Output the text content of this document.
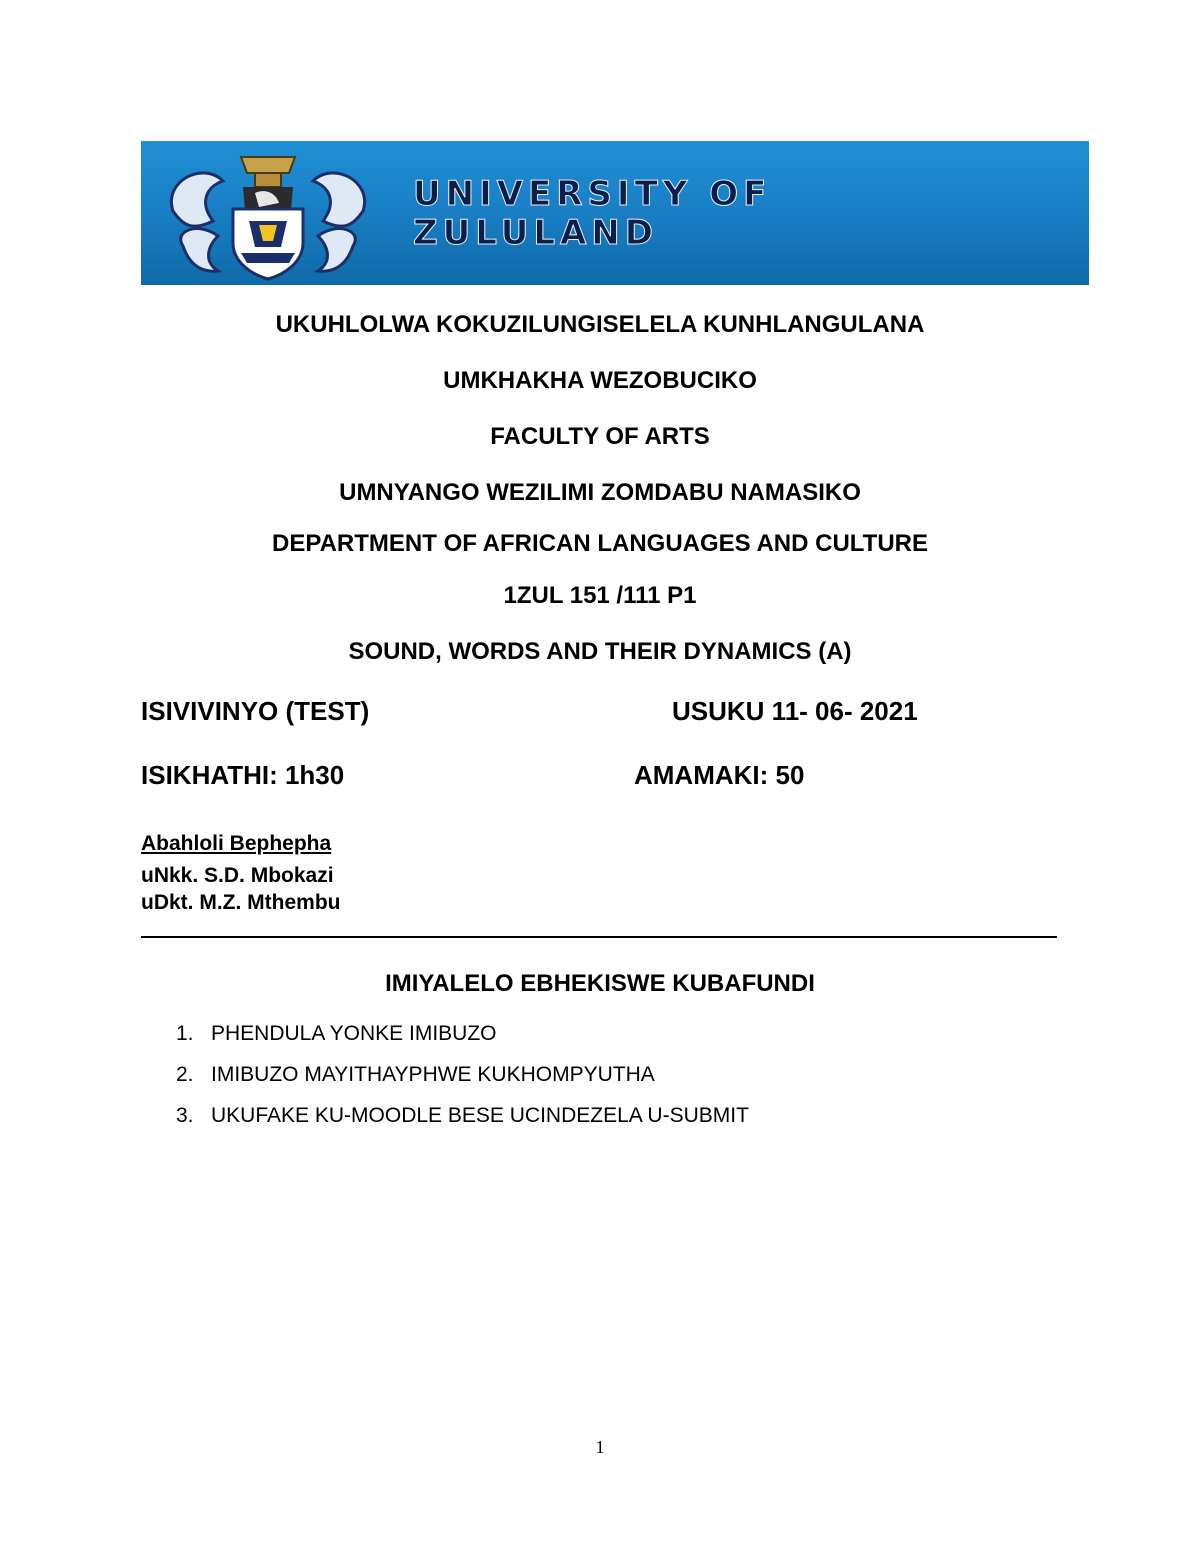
UNIVERSITY OF
ZULULAND
UKUHLOLWA KOKUZILUNGISELELA KUNHLANGULANA
UMKHAKHA WEZOBUCIKO
FACULTY OF ARTS
UMNYANGO WEZILIMI ZOMDABU NAMASIKO
DEPARTMENT OF AFRICAN LANGUAGES AND CULTURE
1ZUL 151 /111 P1
SOUND, WORDS AND THEIR DYNAMICS (A)
ISIVIVINYO (TEST)	USUKU 11- 06- 2021
ISIKHATHI: 1h30	AMAMAKI: 50
Abahloli Bephepha
uNkk. S.D. Mbokazi
uDkt. M.Z. Mthembu
IMIYALELO EBHEKISWE KUBAFUNDI
1. PHENDULA YONKE IMIBUZO
2. IMIBUZO MAYITHAYPHWE KUKHOMPYUTHA
3. UKUFAKE KU-MOODLE BESE UCINDEZELA U-SUBMIT
1
